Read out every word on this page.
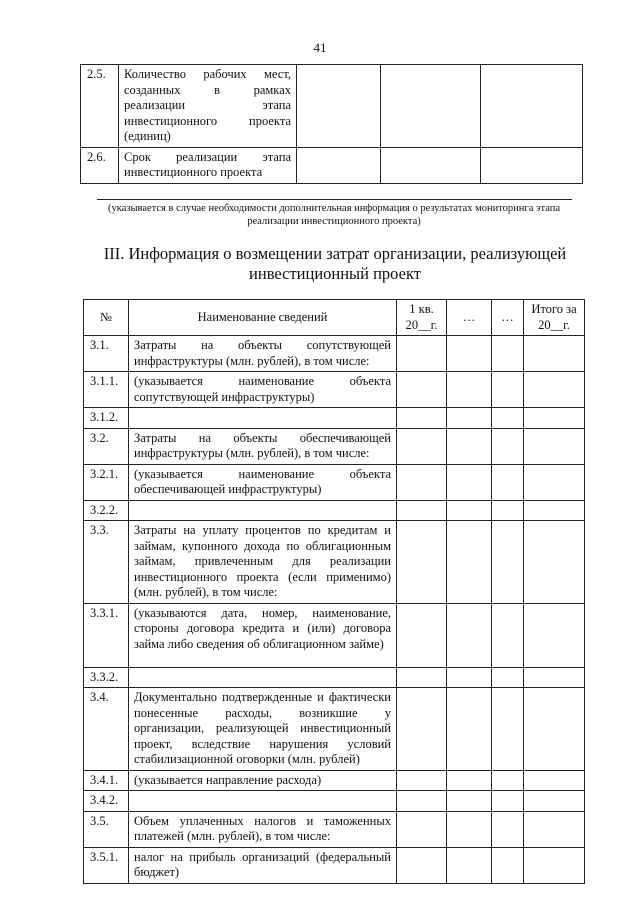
41
2.5.	Количество рабочих мест, созданных в рамках реализации этапа инвестиционного проекта (единиц)			
2.6.	Срок реализации этапа инвестиционного проекта			
(указывается в случае необходимости дополнительная информация о результатах мониторинга этапа реализации инвестиционного проекта)
III. Информация о возмещении затрат организации, реализующей инвестиционный проект
№	Наименование сведений	1 кв. 20__г.	…	…	Итого за 20__г.
3.1.	Затраты на объекты сопутствующей инфраструктуры (млн. рублей), в том числе:				
3.1.1.	(указывается наименование объекта сопутствующей инфраструктуры)				
3.1.2.					
3.2.	Затраты на объекты обеспечивающей инфраструктуры (млн. рублей), в том числе:				
3.2.1.	(указывается наименование объекта обеспечивающей инфраструктуры)				
3.2.2.					
3.3.	Затраты на уплату процентов по кредитам и займам, купонного дохода по облигационным займам, привлеченным для реализации инвестиционного проекта (если применимо) (млн. рублей), в том числе:				
3.3.1.	(указываются дата, номер, наименование, стороны договора кредита и (или) договора займа либо сведения об облигационном займе)				
3.3.2.					
3.4.	Документально подтвержденные и фактически понесенные расходы, возникшие у организации, реализующей инвестиционный проект, вследствие нарушения условий стабилизационной оговорки (млн. рублей)				
3.4.1.	(указывается направление расхода)				
3.4.2.					
3.5.	Объем уплаченных налогов и таможенных платежей (млн. рублей), в том числе:				
3.5.1.	налог на прибыль организаций (федеральный бюджет)				
